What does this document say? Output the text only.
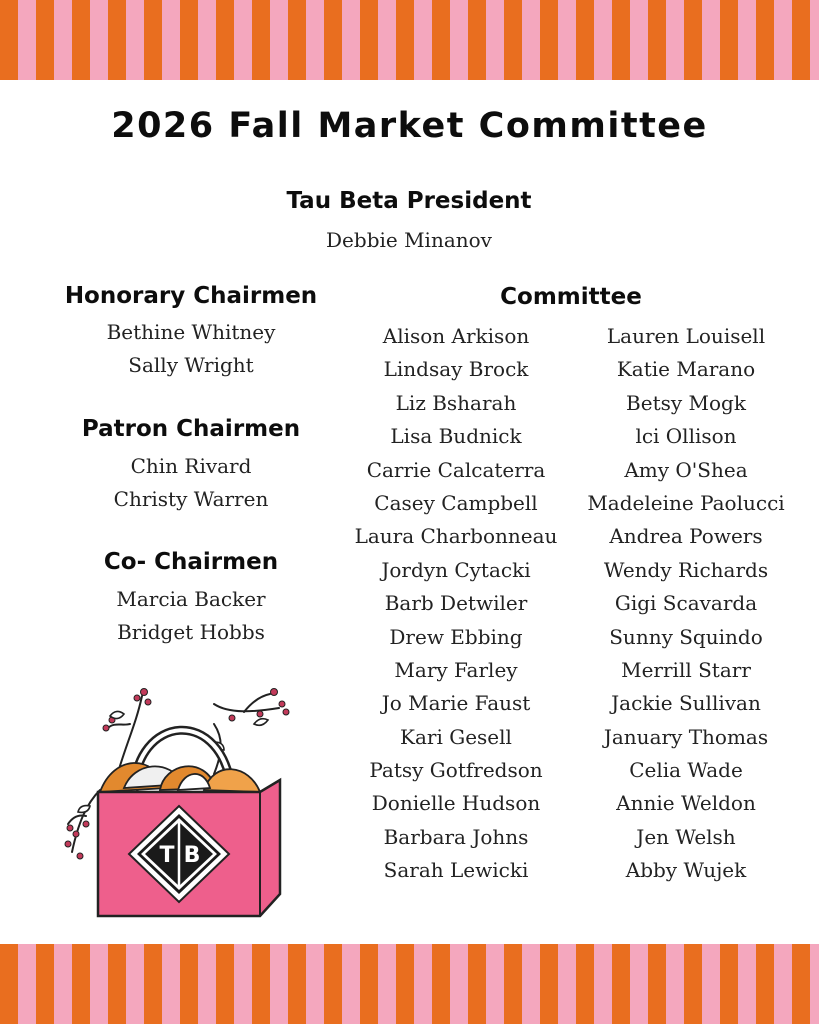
2026 Fall Market Committee
Tau Beta President
Debbie Minanov
Honorary Chairmen
Bethine Whitney
Sally Wright
Patron Chairmen
Chin Rivard
Christy Warren
Co- Chairmen
Marcia Backer
Bridget Hobbs
Committee
Alison Arkison
Lindsay Brock
Liz Bsharah
Lisa Budnick
Carrie Calcaterra
Casey Campbell
Laura Charbonneau
Jordyn Cytacki
Barb Detwiler
Drew Ebbing
Mary Farley
Jo Marie Faust
Kari Gesell
Patsy Gotfredson
Donielle Hudson
Barbara Johns
Sarah Lewicki
Lauren Louisell
Katie Marano
Betsy Mogk
lci Ollison
Amy O'Shea
Madeleine Paolucci
Andrea Powers
Wendy Richards
Gigi Scavarda
Sunny Squindo
Merrill Starr
Jackie Sullivan
January Thomas
Celia Wade
Annie Weldon
Jen Welsh
Abby Wujek
T B
